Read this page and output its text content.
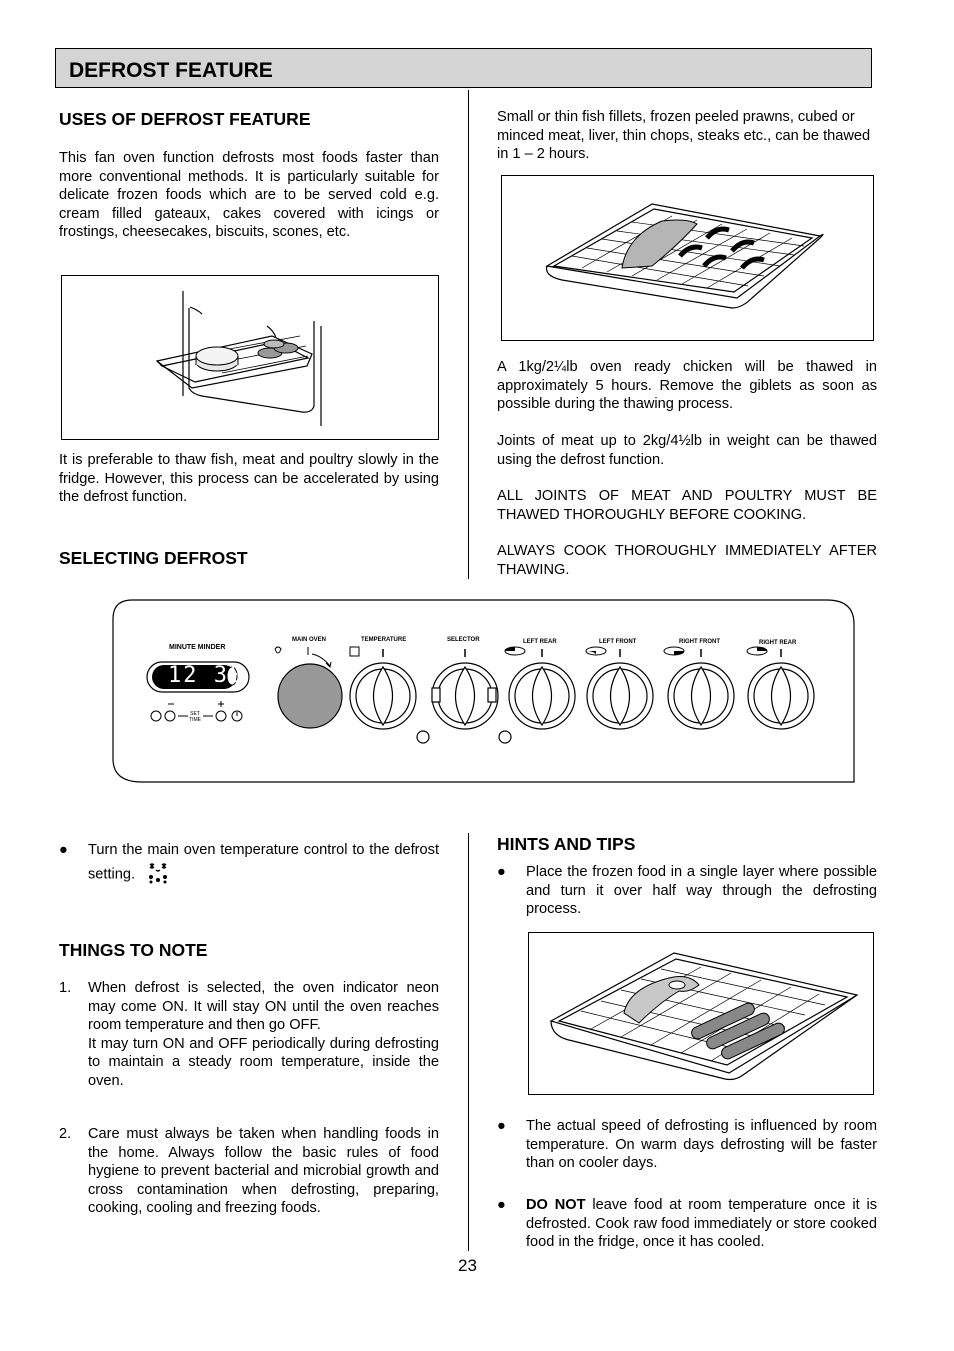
DEFROST FEATURE
USES OF DEFROST FEATURE

This fan oven function defrosts most foods faster than more conventional methods. It is particularly suitable for delicate frozen foods which are to be served cold e.g. cream filled gateaux, cakes covered with icings or frostings, cheesecakes, biscuits, scones, etc.

It is preferable to thaw fish, meat and poultry slowly in the fridge. However, this process can be accelerated by using the defrost function.

SELECTING DEFROST

Small or thin fish fillets, frozen peeled prawns, cubed or minced meat, liver, thin chops, steaks etc., can be thawed in 1 – 2 hours.

A 1kg/2¼lb oven ready chicken will be thawed in approximately 5 hours. Remove the giblets as soon as possible during the thawing process.

Joints of meat up to 2kg/4½lb in weight can be thawed using the defrost function.

ALL JOINTS OF MEAT AND POULTRY MUST BE THAWED THOROUGHLY BEFORE COOKING.

ALWAYS COOK THOROUGHLY IMMEDIATELY AFTER THAWING.

MINUTE MINDER
12 30
SET TIME
MAIN OVEN	TEMPERATURE	SELECTOR	LEFT REAR	LEFT FRONT	RIGHT FRONT	RIGHT REAR
● Turn the main oven temperature control to the defrost setting.
THINGS TO NOTE
1. When defrost is selected, the oven indicator neon may come ON. It will stay ON until the oven reaches room temperature and then go OFF.
It may turn ON and OFF periodically during defrosting to maintain a steady room temperature, inside the oven.
2. Care must always be taken when handling foods in the home. Always follow the basic rules of food hygiene to prevent bacterial and microbial growth and cross contamination when defrosting, preparing, cooking, cooling and freezing foods.
HINTS AND TIPS
● Place the frozen food in a single layer where possible and turn it over half way through the defrosting process.
● The actual speed of defrosting is influenced by room temperature. On warm days defrosting will be faster than on cooler days.
● DO NOT leave food at room temperature once it is defrosted. Cook raw food immediately or store cooked food in the fridge, once it has cooled.
23
